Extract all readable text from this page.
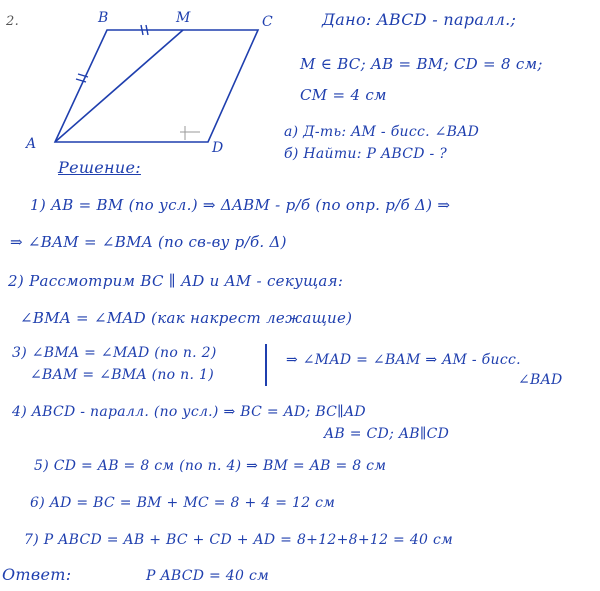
2.	B	M	C
A	D
Дано: ABCD - паралл.;
M ∈ BC; AB = BM; CD = 8 см;
CM = 4 см
а) Д-ть: AM - бисс. ∠BAD
б) Найти: P ABCD - ?
Решение:
1) AB = BM (по усл.) ⇒ ΔABM - р/б (по опр. р/б Δ) ⇒
⇒ ∠BAM = ∠BMA (по св-ву р/б. Δ)
2) Рассмотрим BC ∥ AD и AM - секущая:
∠BMA = ∠MAD (как накрест лежащие)
3) ∠BMA = ∠MAD (по п. 2)
∠BAM = ∠BMA (по п. 1)
⇒ ∠MAD = ∠BAM ⇒ AM - бисс.
∠BAD
4) ABCD - паралл. (по усл.) ⇒ BC = AD; BC∥AD
AB = CD; AB∥CD
5) CD = AB = 8 см (по п. 4) ⇒ BM = AB = 8 см
6) AD = BC = BM + MC = 8 + 4 = 12 см
7) P ABCD = AB + BC + CD + AD = 8+12+8+12 = 40 см
Ответ:	P ABCD = 40 см
